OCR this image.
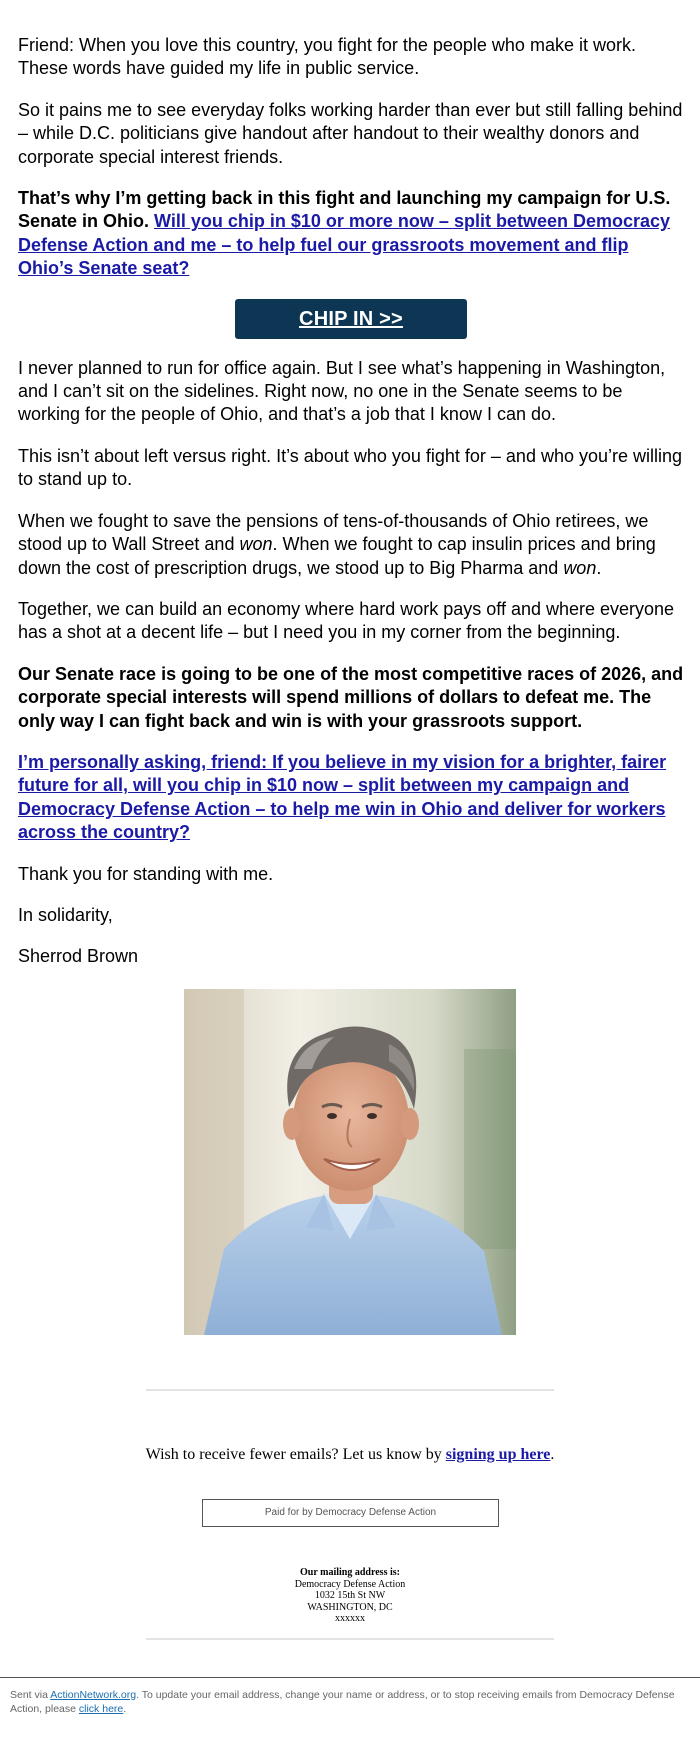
Friend: When you love this country, you fight for the people who make it work. These words have guided my life in public service.

So it pains me to see everyday folks working harder than ever but still falling behind – while D.C. politicians give handout after handout to their wealthy donors and corporate special interest friends.

That’s why I’m getting back in this fight and launching my campaign for U.S. Senate in Ohio. Will you chip in $10 or more now – split between Democracy Defense Action and me – to help fuel our grassroots movement and flip Ohio’s Senate seat?

CHIP IN >>

I never planned to run for office again. But I see what’s happening in Washington, and I can’t sit on the sidelines. Right now, no one in the Senate seems to be working for the people of Ohio, and that’s a job that I know I can do.

This isn’t about left versus right. It’s about who you fight for – and who you’re willing to stand up to.

When we fought to save the pensions of tens-of-thousands of Ohio retirees, we stood up to Wall Street and won. When we fought to cap insulin prices and bring down the cost of prescription drugs, we stood up to Big Pharma and won.

Together, we can build an economy where hard work pays off and where everyone has a shot at a decent life – but I need you in my corner from the beginning.

Our Senate race is going to be one of the most competitive races of 2026, and corporate special interests will spend millions of dollars to defeat me. The only way I can fight back and win is with your grassroots support.

I’m personally asking, friend: If you believe in my vision for a brighter, fairer future for all, will you chip in $10 now – split between my campaign and Democracy Defense Action – to help me win in Ohio and deliver for workers across the country?

Thank you for standing with me.

In solidarity,

Sherrod Brown

Wish to receive fewer emails? Let us know by signing up here.
Paid for by Democracy Defense Action
Our mailing address is:
Democracy Defense Action
1032 15th St NW
WASHINGTON, DC
xxxxxx
Sent via ActionNetwork.org. To update your email address, change your name or address, or to stop receiving emails from Democracy Defense Action, please click here.
